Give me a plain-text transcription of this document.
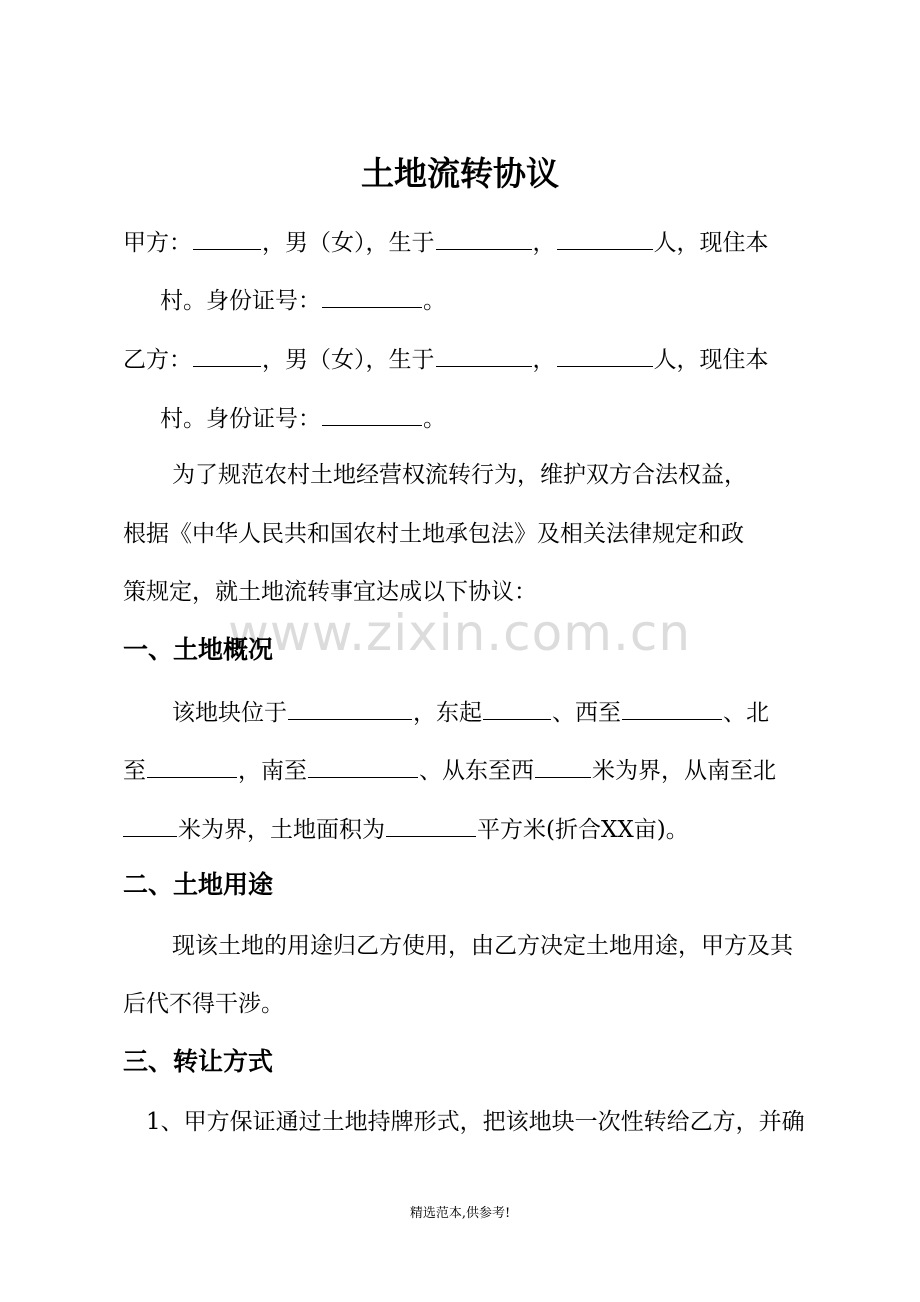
www.zixin.com.cn
土地流转协议
甲方：	，男（女），生于	，	人，现住本
村。身份证号：	。
乙方：	，男（女），生于	，	人，现住本
村。身份证号：	。
为了规范农村土地经营权流转行为，维护双方合法权益，
根据《中华人民共和国农村土地承包法》及相关法律规定和政
策规定，就土地流转事宜达成以下协议：
一、土地概况
该地块位于	，东起	、西至	、北
至	，南至	、从东至西	米为界，从南至北
米为界，土地面积为	平方米(折合XX亩)。
二、土地用途
现该土地的用途归乙方使用，由乙方决定土地用途，甲方及其
后代不得干涉。
三、转让方式
1、甲方保证通过土地持牌形式，把该地块一次性转给乙方，并确
精选范本,供参考!
